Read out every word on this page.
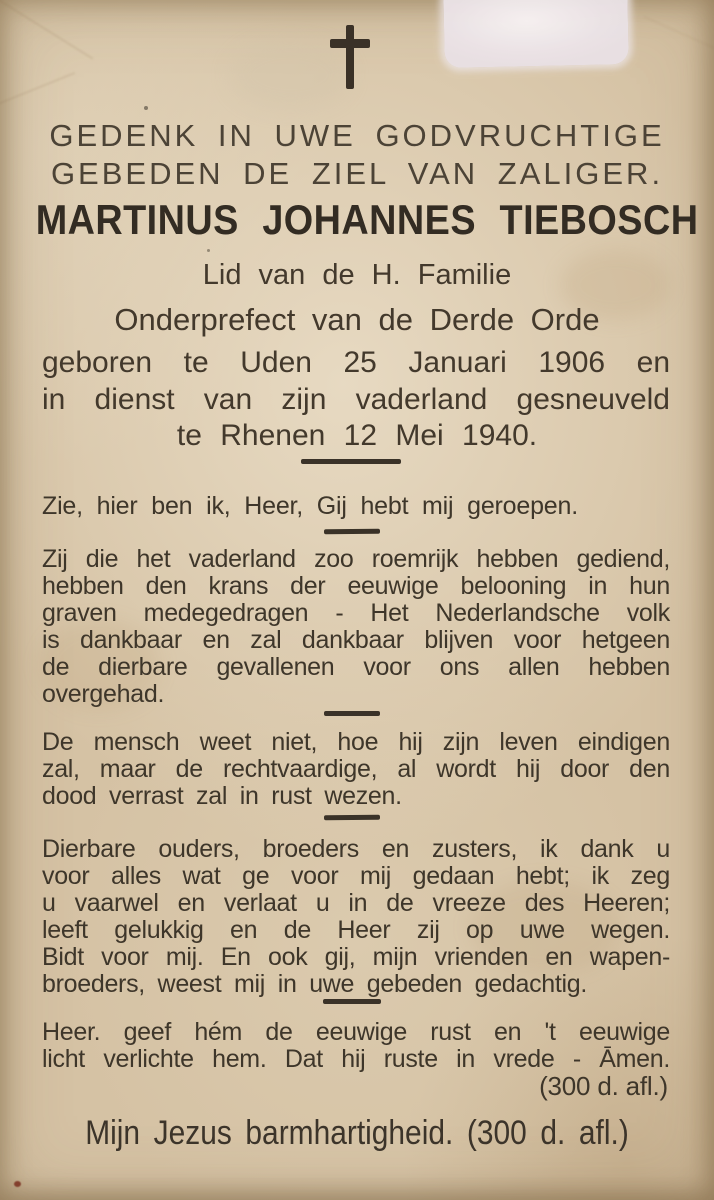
GEDENK IN UWE GODVRUCHTIGE
GEBEDEN DE ZIEL VAN ZALIGER.
MARTINUS JOHANNES TIEBOSCH
Lid van de H. Familie
Onderprefect van de Derde Orde
geboren te Uden 25 Januari 1906 en
in dienst van zijn vaderland gesneuveld
te Rhenen 12 Mei 1940.
Zie, hier ben ik, Heer, Gij hebt mij geroepen.
Zij die het vaderland zoo roemrijk hebben gediend,
hebben den krans der eeuwige belooning in hun
graven medegedragen - Het Nederlandsche volk
is dankbaar en zal dankbaar blijven voor hetgeen
de dierbare gevallenen voor ons allen hebben
overgehad.
De mensch weet niet, hoe hij zijn leven eindigen
zal, maar de rechtvaardige, al wordt hij door den
dood verrast zal in rust wezen.
Dierbare ouders, broeders en zusters, ik dank u
voor alles wat ge voor mij gedaan hebt; ik zeg
u vaarwel en verlaat u in de vreeze des Heeren;
leeft gelukkig en de Heer zij op uwe wegen.
Bidt voor mij. En ook gij, mijn vrienden en wapen-
broeders, weest mij in uwe gebeden gedachtig.
Heer. geef hém de eeuwige rust en 't eeuwige
licht verlichte hem. Dat hij ruste in vrede - Āmen.
(300 d. afl.)
Mijn Jezus barmhartigheid. (300 d. afl.)
